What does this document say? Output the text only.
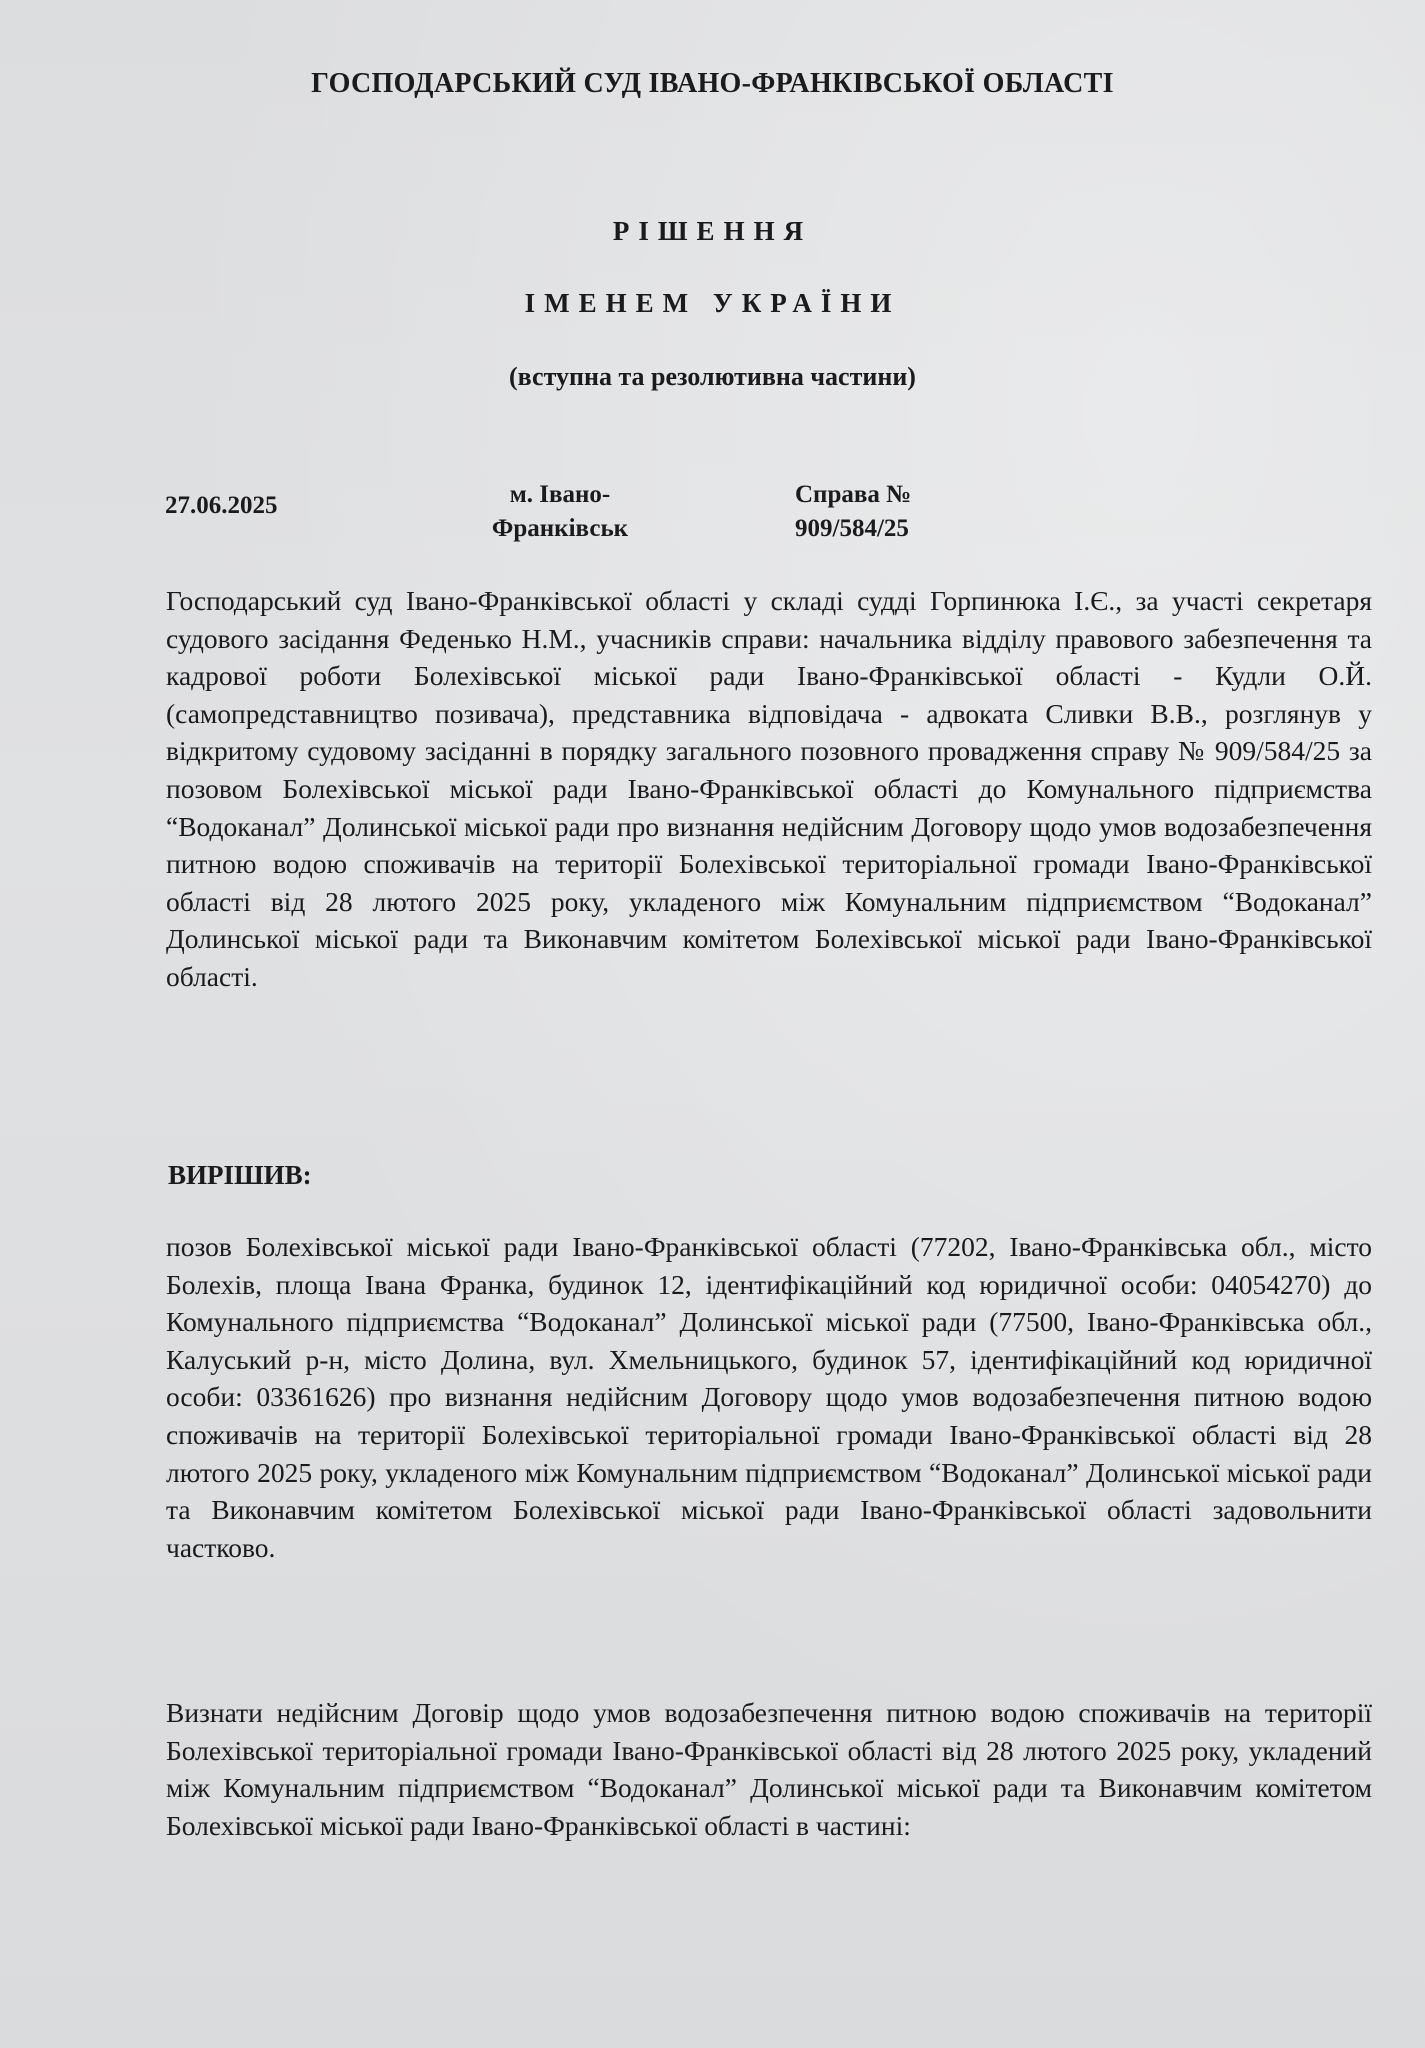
ГОСПОДАРСЬКИЙ СУД ІВАНО-ФРАНКІВСЬКОЇ ОБЛАСТІ
РІШЕННЯ
ІМЕНЕМ УКРАЇНИ
(вступна та резолютивна частини)
27.06.2025	м. Івано-
Франківськ
Справа №
909/584/25
Господарський суд Івано-Франківської області у складі судді Горпинюка І.Є., за участі секретаря судового засідання Феденько Н.М., учасників справи: начальника відділу правового забезпечення та кадрової роботи Болехівської міської ради Івано-Франківської області - Кудли О.Й. (самопредставництво позивача), представника відповідача - адвоката Сливки В.В., розглянув у відкритому судовому засіданні в порядку загального позовного провадження справу № 909/584/25 за позовом Болехівської міської ради Івано-Франківської області до Комунального підприємства “Водоканал” Долинської міської ради про визнання недійсним Договору щодо умов водозабезпечення питною водою споживачів на території Болехівської територіальної громади Івано-Франківської області від 28 лютого 2025 року, укладеного між Комунальним підприємством “Водоканал” Долинської міської ради та Виконавчим комітетом Болехівської міської ради Івано-Франківської області.
ВИРІШИВ:
позов Болехівської міської ради Івано-Франківської області (77202, Івано-Франківська обл., місто Болехів, площа Івана Франка, будинок 12, ідентифікаційний код юридичної особи: 04054270) до Комунального підприємства “Водоканал” Долинської міської ради (77500, Івано-Франківська обл., Калуський р-н, місто Долина, вул. Хмельницького, будинок 57, ідентифікаційний код юридичної особи: 03361626) про визнання недійсним Договору щодо умов водозабезпечення питною водою споживачів на території Болехівської територіальної громади Івано-Франківської області від 28 лютого 2025 року, укладеного між Комунальним підприємством “Водоканал” Долинської міської ради та Виконавчим комітетом Болехівської міської ради Івано-Франківської області задовольнити частково.
Визнати недійсним Договір щодо умов водозабезпечення питною водою споживачів на території Болехівської територіальної громади Івано-Франківської області від 28 лютого 2025 року, укладений між Комунальним підприємством “Водоканал” Долинської міської ради та Виконавчим комітетом Болехівської міської ради Івано-Франківської області в частині:
